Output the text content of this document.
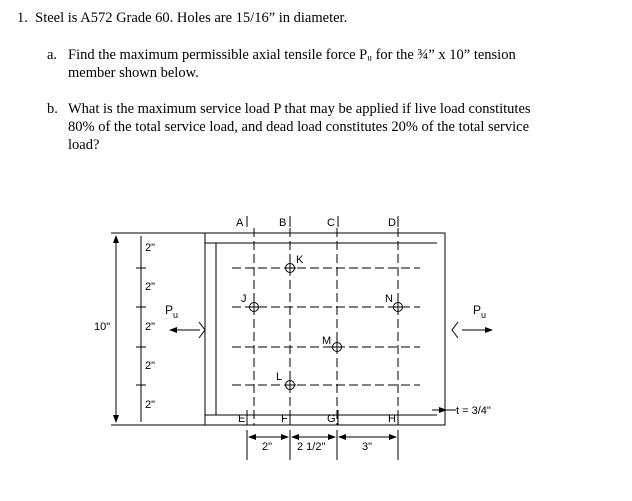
1. Steel is A572 Grade 60. Holes are 15/16” in diameter.
a. Find the maximum permissible axial tensile force Pᵤ for the ¾” x 10” tension
member shown below.
b. What is the maximum service load P that may be applied if live load constitutes
80% of the total service load, and dead load constitutes 20% of the total service
load?
A	B	C	D
E	F	G	H
J
K
L
M
N
10"
2"
2"
2"
2"
2"
$P_u$	$P_u$
t = 3/4"
2" 2 1/2"	3"
